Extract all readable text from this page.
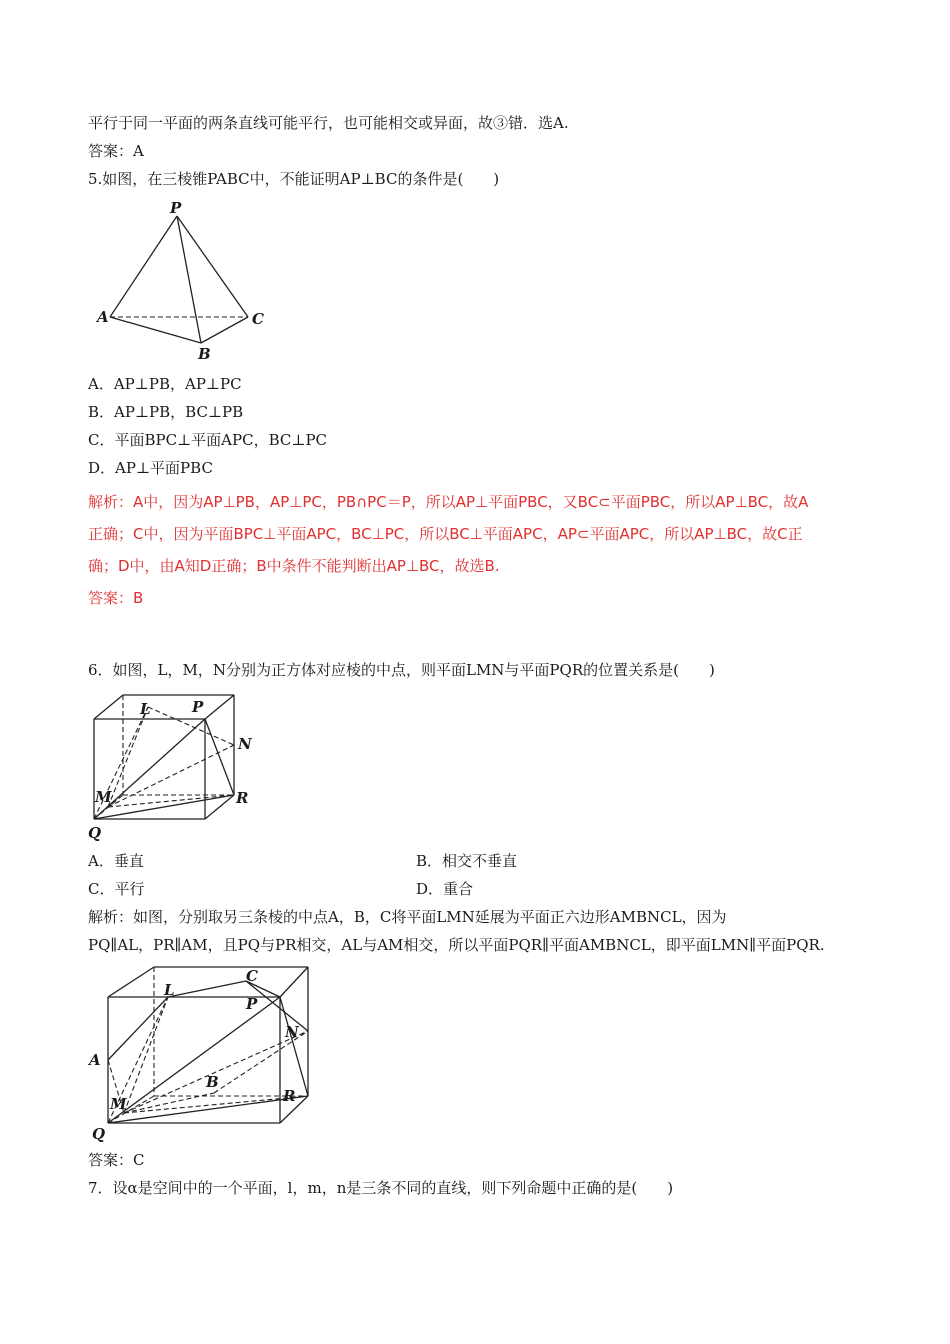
平行于同一平面的两条直线可能平行，也可能相交或异面，故③错．选A.
答案：A
5.如图，在三棱锥PABC中，不能证明AP⊥BC的条件是(　　)
P
A	C
B
A．AP⊥PB，AP⊥PC
B．AP⊥PB，BC⊥PB
C．平面BPC⊥平面APC，BC⊥PC
D．AP⊥平面PBC
解析：A中，因为AP⊥PB，AP⊥PC，PB∩PC＝P，所以AP⊥平面PBC，又BC⊂平面PBC，所以AP⊥BC，故A
正确；C中，因为平面BPC⊥平面APC，BC⊥PC，所以BC⊥平面APC，AP⊂平面APC，所以AP⊥BC，故C正
确；D中，由A知D正确；B中条件不能判断出AP⊥BC，故选B.
答案：B
6．如图，L，M，N分别为正方体对应棱的中点，则平面LMN与平面PQR的位置关系是(　　)
L	P
N
M	R
Q
A．垂直	B．相交不垂直
C．平行	D．重合
解析：如图，分别取另三条棱的中点A，B，C将平面LMN延展为平面正六边形AMBNCL，因为
PQ∥AL，PR∥AM，且PQ与PR相交，AL与AM相交，所以平面PQR∥平面AMBNCL，即平面LMN∥平面PQR.
C
L
P
N
A
B
M	R
Q
答案：C
7．设α是空间中的一个平面，l，m，n是三条不同的直线，则下列命题中正确的是(　　)
